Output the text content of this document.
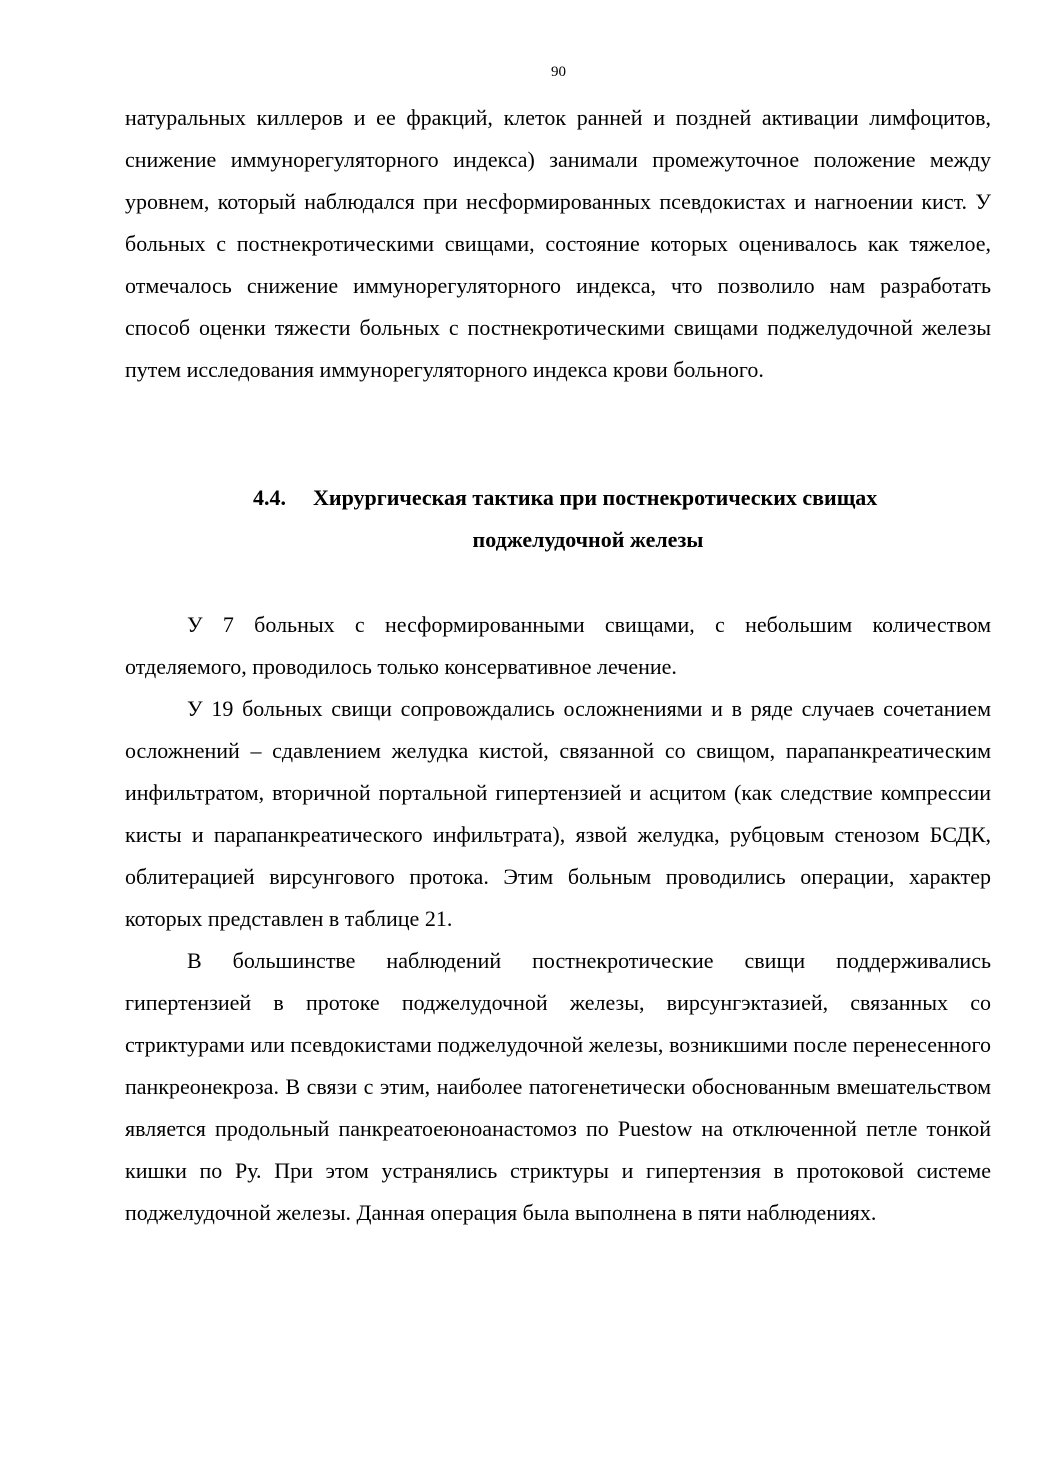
90

натуральных киллеров и ее фракций, клеток ранней и поздней активации лимфоцитов, снижение иммунорегуляторного индекса) занимали промежуточное положение между уровнем, который наблюдался при несформированных псевдокистах и нагноении кист. У больных с постнекротическими свищами, состояние которых оценивалось как тяжелое, отмечалось снижение иммунорегуляторного индекса, что позволило нам разработать способ оценки тяжести больных с постнекротическими свищами поджелудочной железы путем исследования иммунорегуляторного индекса крови больного.

4.4. Хирургическая тактика при постнекротических свищах
поджелудочной железы

У 7 больных с несформированными свищами, с небольшим количеством отделяемого, проводилось только консервативное лечение.

У 19 больных свищи сопровождались осложнениями и в ряде случаев сочетанием осложнений – сдавлением желудка кистой, связанной со свищом, парапанкреатическим инфильтратом, вторичной портальной гипертензией и асцитом (как следствие компрессии кисты и парапанкреатического инфильтрата), язвой желудка, рубцовым стенозом БСДК, облитерацией вирсунгового протока. Этим больным проводились операции, характер которых представлен в таблице 21.

В большинстве наблюдений постнекротические свищи поддерживались гипертензией в протоке поджелудочной железы, вирсунгэктазией, связанных со стриктурами или псевдокистами поджелудочной железы, возникшими после перенесенного панкреонекроза. В связи с этим, наиболее патогенетически обоснованным вмешательством является продольный панкреатоеюноанастомоз по Puestow на отключенной петле тонкой кишки по Ру. При этом устранялись стриктуры и гипертензия в протоковой системе поджелудочной железы. Данная операция была выполнена в пяти наблюдениях.
